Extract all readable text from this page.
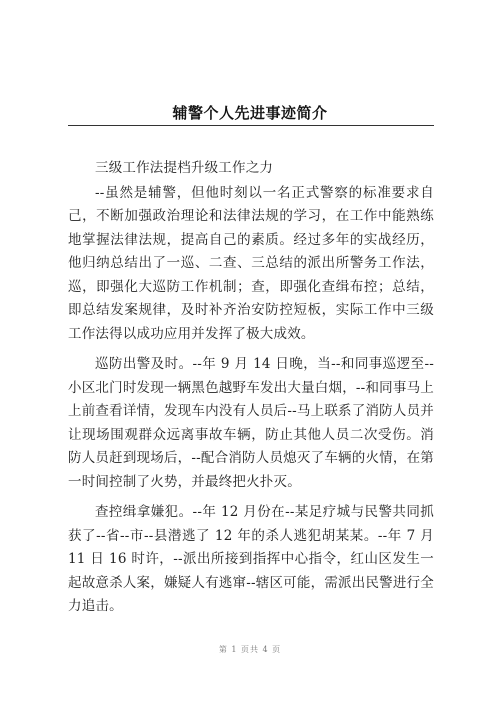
辅警个人先进事迹简介

三级工作法提档升级工作之力

--虽然是辅警，但他时刻以一名正式警察的标准要求自己，不断加强政治理论和法律法规的学习，在工作中能熟练地掌握法律法规，提高自己的素质。经过多年的实战经历，他归纳总结出了一巡、二查、三总结的派出所警务工作法，巡，即强化大巡防工作机制；查，即强化查缉布控；总结，即总结发案规律，及时补齐治安防控短板，实际工作中三级工作法得以成功应用并发挥了极大成效。

巡防出警及时。--年 9 月 14 日晚，当--和同事巡逻至--小区北门时发现一辆黑色越野车发出大量白烟，--和同事马上上前查看详情，发现车内没有人员后--马上联系了消防人员并让现场围观群众远离事故车辆，防止其他人员二次受伤。消防人员赶到现场后，--配合消防人员熄灭了车辆的火情，在第一时间控制了火势，并最终把火扑灭。

查控缉拿嫌犯。--年 12 月份在--某足疗城与民警共同抓获了--省--市--县潜逃了 12 年的杀人逃犯胡某某。--年 7 月 11 日 16 时许，--派出所接到指挥中心指令，红山区发生一起故意杀人案，嫌疑人有逃窜--辖区可能，需派出民警进行全力追击。

第 1 页共 4 页
